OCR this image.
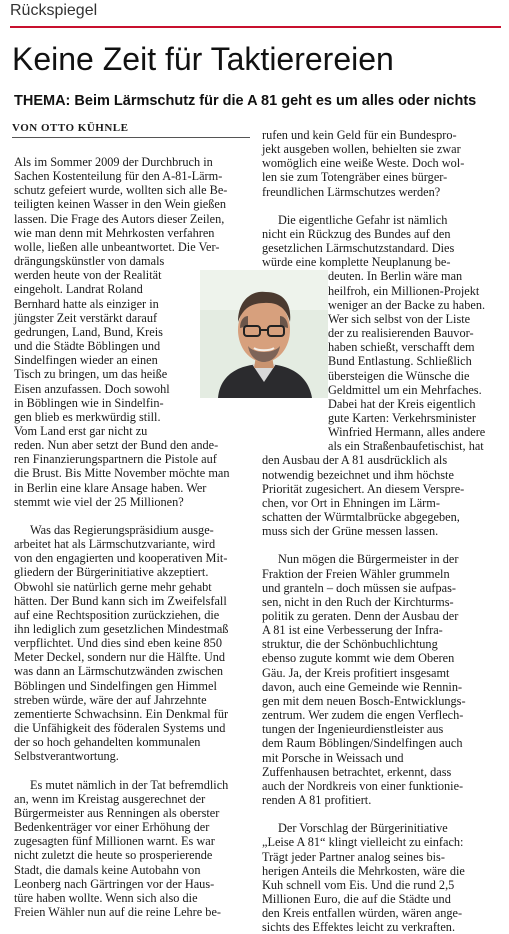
Rückspiegel
Keine Zeit für Taktierereien
THEMA: Beim Lärmschutz für die A 81 geht es um alles oder nichts
VON OTTO KÜHNLE
Als im Sommer 2009 der Durchbruch in
Sachen Kostenteilung für den A-81-Lärm-
schutz gefeiert wurde, wollten sich alle Be-
teiligten keinen Wasser in den Wein gießen
lassen. Die Frage des Autors dieser Zeilen,
wie man denn mit Mehrkosten verfahren
wolle, ließen alle unbeantwortet. Die Ver-
drängungskünstler von damals
werden heute von der Realität
eingeholt. Landrat Roland
Bernhard hatte als einziger in
jüngster Zeit verstärkt darauf
gedrungen, Land, Bund, Kreis
und die Städte Böblingen und
Sindelfingen wieder an einen
Tisch zu bringen, um das heiße
Eisen anzufassen. Doch sowohl
in Böblingen wie in Sindelfin-
gen blieb es merkwürdig still.
Vom Land erst gar nicht zu
reden. Nun aber setzt der Bund den ande-
ren Finanzierungspartnern die Pistole auf
die Brust. Bis Mitte November möchte man
in Berlin eine klare Ansage haben. Wer
stemmt wie viel der 25 Millionen?
Was das Regierungspräsidium ausge-
arbeitet hat als Lärmschutzvariante, wird
von den engagierten und kooperativen Mit-
gliedern der Bürgerinitiative akzeptiert.
Obwohl sie natürlich gerne mehr gehabt
hätten. Der Bund kann sich im Zweifelsfall
auf eine Rechtsposition zurückziehen, die
ihn lediglich zum gesetzlichen Mindestmaß
verpflichtet. Und dies sind eben keine 850
Meter Deckel, sondern nur die Hälfte. Und
was dann an Lärmschutzwänden zwischen
Böblingen und Sindelfingen gen Himmel
streben würde, wäre der auf Jahrzehnte
zementierte Schwachsinn. Ein Denkmal für
die Unfähigkeit des föderalen Systems und
der so hoch gehandelten kommunalen
Selbstverantwortung.
Es mutet nämlich in der Tat befremdlich
an, wenn im Kreistag ausgerechnet der
Bürgermeister aus Renningen als oberster
Bedenkenträger vor einer Erhöhung der
zugesagten fünf Millionen warnt. Es war
nicht zuletzt die heute so prosperierende
Stadt, die damals keine Autobahn von
Leonberg nach Gärtringen vor der Haus-
türe haben wollte. Wenn sich also die
Freien Wähler nun auf die reine Lehre be-
rufen und kein Geld für ein Bundespro-
jekt ausgeben wollen, behielten sie zwar
womöglich eine weiße Weste. Doch wol-
len sie zum Totengräber eines bürger-
freundlichen Lärmschutzes werden?
Die eigentliche Gefahr ist nämlich
nicht ein Rückzug des Bundes auf den
gesetzlichen Lärmschutzstandard. Dies
würde eine komplette Neuplanung be-
deuten. In Berlin wäre man
heilfroh, ein Millionen-Projekt
weniger an der Backe zu haben.
Wer sich selbst von der Liste
der zu realisierenden Bauvor-
haben schießt, verschafft dem
Bund Entlastung. Schließlich
übersteigen die Wünsche die
Geldmittel um ein Mehrfaches.
Dabei hat der Kreis eigentlich
gute Karten: Verkehrsminister
Winfried Hermann, alles andere
als ein Straßenbaufetischist, hat
den Ausbau der A 81 ausdrücklich als
notwendig bezeichnet und ihm höchste
Priorität zugesichert. An diesem Verspre-
chen, vor Ort in Ehningen im Lärm-
schatten der Würmtalbrücke abgegeben,
muss sich der Grüne messen lassen.
Nun mögen die Bürgermeister in der
Fraktion der Freien Wähler grummeln
und granteln – doch müssen sie aufpas-
sen, nicht in den Ruch der Kirchturms-
politik zu geraten. Denn der Ausbau der
A 81 ist eine Verbesserung der Infra-
struktur, die der Schönbuchlichtung
ebenso zugute kommt wie dem Oberen
Gäu. Ja, der Kreis profitiert insgesamt
davon, auch eine Gemeinde wie Rennin-
gen mit dem neuen Bosch-Entwicklungs-
zentrum. Wer zudem die engen Verflech-
tungen der Ingenieurdienstleister aus
dem Raum Böblingen/Sindelfingen auch
mit Porsche in Weissach und
Zuffenhausen betrachtet, erkennt, dass
auch der Nordkreis von einer funktionie-
renden A 81 profitiert.
Der Vorschlag der Bürgerinitiative
„Leise A 81“ klingt vielleicht zu einfach:
Trägt jeder Partner analog seines bis-
herigen Anteils die Mehrkosten, wäre die
Kuh schnell vom Eis. Und die rund 2,5
Millionen Euro, die auf die Städte und
den Kreis entfallen würden, wären ange-
sichts des Effektes leicht zu verkraften.
